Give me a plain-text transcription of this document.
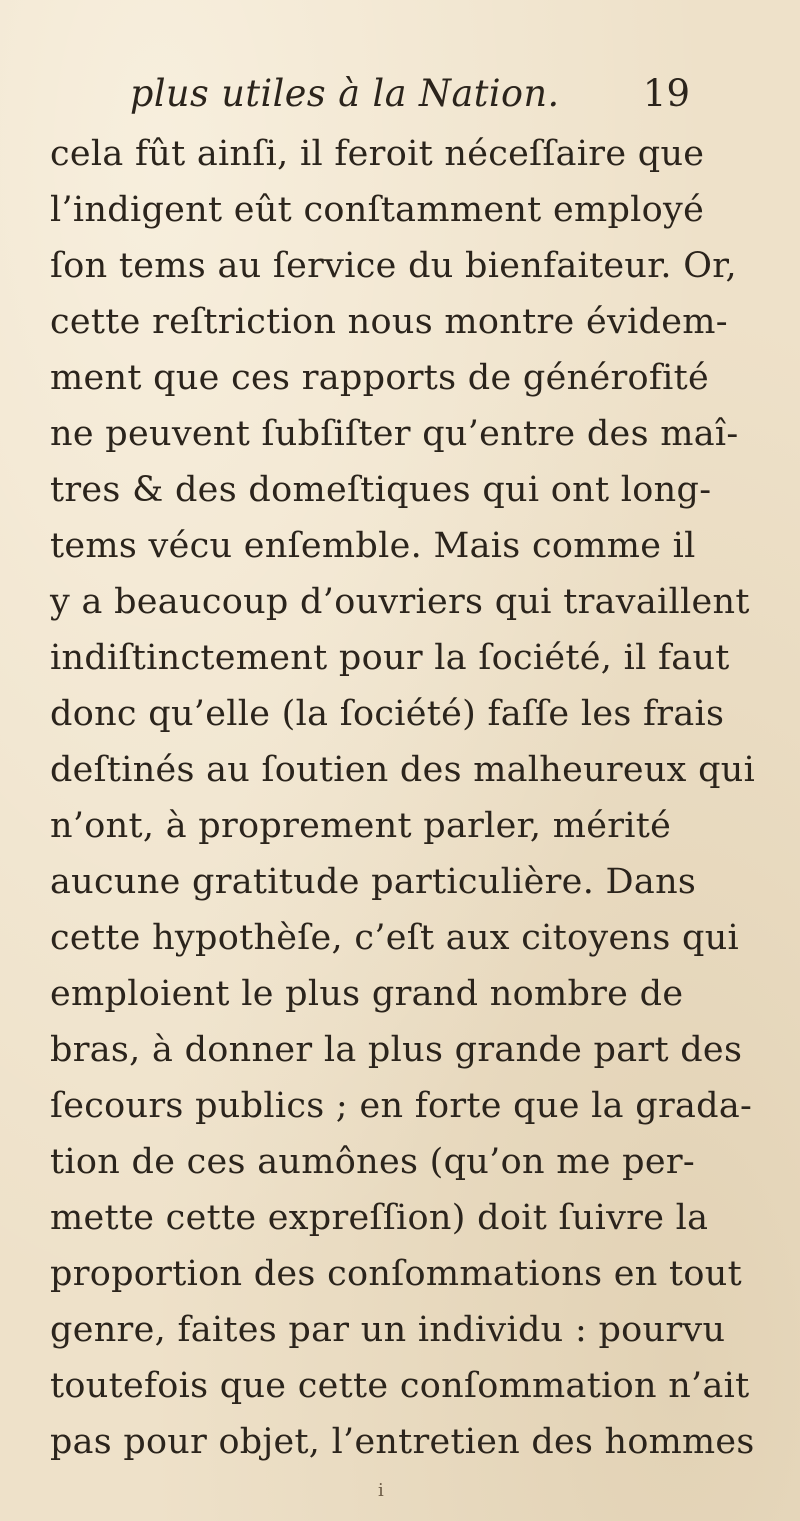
plus utiles à la Nation. 19
cela fût ainſi, il feroit néceſſaire que
l’indigent eût conſtamment employé
ſon tems au ſervice du bienfaiteur. Or,
cette reſtriction nous montre évidem-
ment que ces rapports de générofité
ne peuvent ſubſiſter qu’entre des maî-
tres & des domeſtiques qui ont long-
tems vécu enſemble. Mais comme il
y a beaucoup d’ouvriers qui travaillent
indiſtinctement pour la ſociété, il faut
donc qu’elle (la ſociété) faſſe les frais
deſtinés au ſoutien des malheureux qui
n’ont, à proprement parler, mérité
aucune gratitude particulière. Dans
cette hypothèſe, c’eſt aux citoyens qui
emploient le plus grand nombre de
bras, à donner la plus grande part des
ſecours publics ; en forte que la grada-
tion de ces aumônes (qu’on me per-
mette cette expreſſion) doit ſuivre la
proportion des conſommations en tout
genre, faites par un individu : pourvu
toutefois que cette conſommation n’ait
pas pour objet, l’entretien des hommes
i
